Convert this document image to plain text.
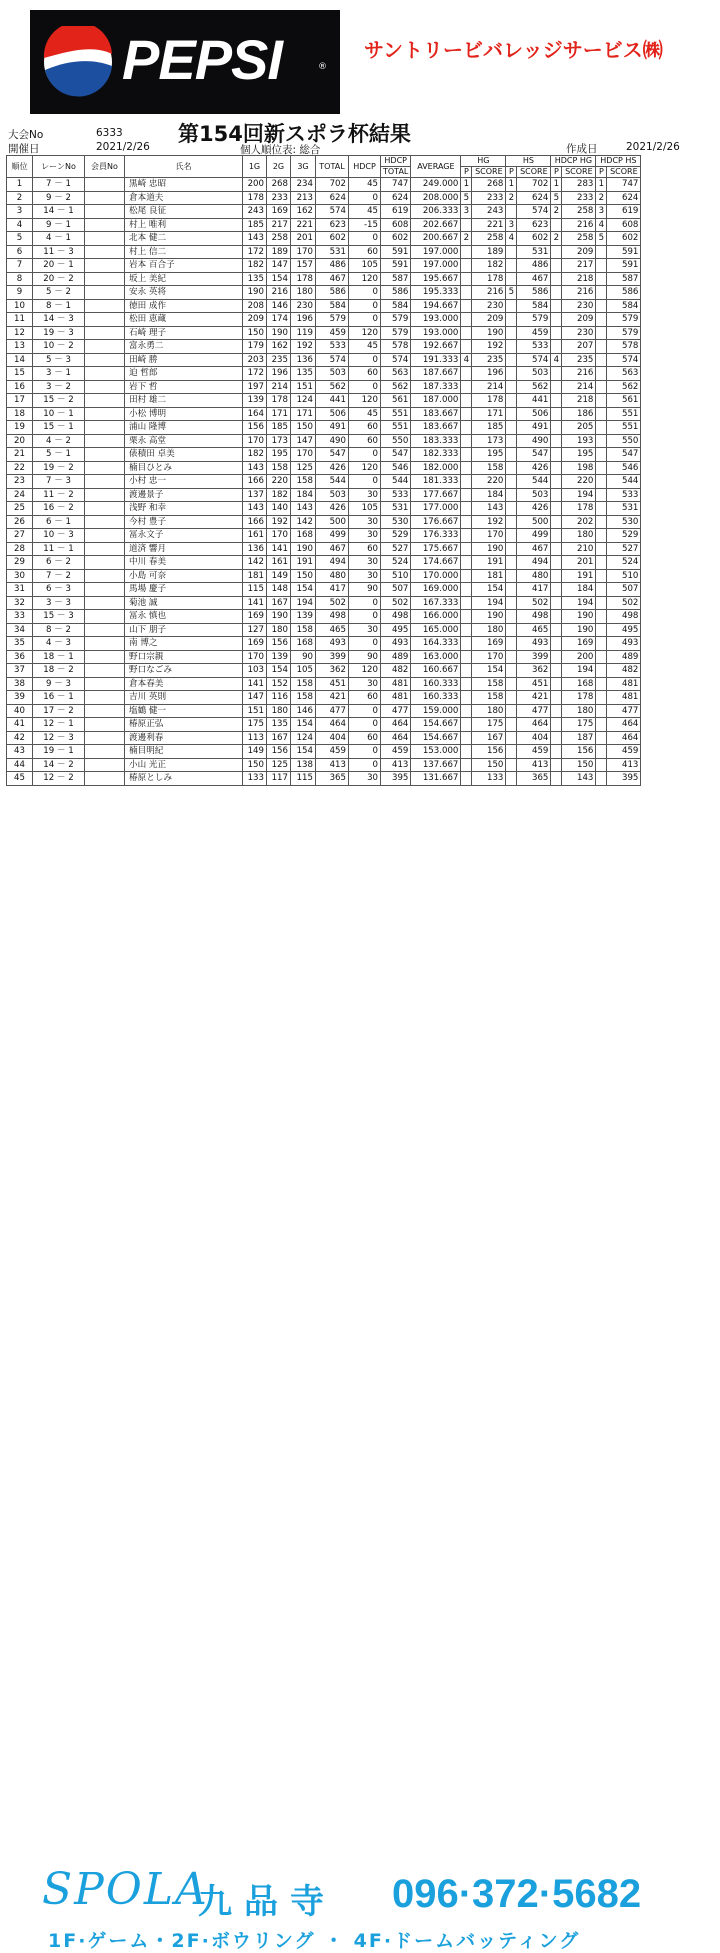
PEPSI	®
サントリービバレッジサービス㈱
大会No	6333
開催日	2021/2/26
第154回新スポラ杯結果
個人順位表: 総合	作成日	2021/2/26
順位	レーンNo	会員No	氏名	1G	2G	3G	TOTAL	HDCP	HDCP	AVERAGE	HG		HS		HDCP HG		HDCP HS	
									TOTAL		P	SCORE	P	SCORE	P	SCORE	P	SCORE
1	7 － 1		黒崎 忠昭	200	268	234	702	45	747	249.000	1	268	1	702	1	283	1	747
2	9 － 2		倉本道夫	178	233	213	624	0	624	208.000	5	233	2	624	5	233	2	624
3	14 － 1		松尾 良征	243	169	162	574	45	619	206.333	3	243		574	2	258	3	619
4	9 － 1		村上 唯利	185	217	221	623	-15	608	202.667		221	3	623		216	4	608
5	4 － 1		北本 健二	143	258	201	602	0	602	200.667	2	258	4	602	2	258	5	602
6	11 － 3		村上 信二	172	189	170	531	60	591	197.000		189		531		209		591
7	20 － 1		岩本 百合子	182	147	157	486	105	591	197.000		182		486		217		591
8	20 － 2		坂上 美紀	135	154	178	467	120	587	195.667		178		467		218		587
9	5 － 2		安永 英将	190	216	180	586	0	586	195.333		216	5	586		216		586
10	8 － 1		徳田 成作	208	146	230	584	0	584	194.667		230		584		230		584
11	14 － 3		松田 恵蔵	209	174	196	579	0	579	193.000		209		579		209		579
12	19 － 3		石崎 理子	150	190	119	459	120	579	193.000		190		459		230		579
13	10 － 2		富永勇二	179	162	192	533	45	578	192.667		192		533		207		578
14	5 － 3		田崎 勝	203	235	136	574	0	574	191.333	4	235		574	4	235		574
15	3 － 1		迫 哲郎	172	196	135	503	60	563	187.667		196		503		216		563
16	3 － 2		岩下 哲	197	214	151	562	0	562	187.333		214		562		214		562
17	15 － 2		田村 雄二	139	178	124	441	120	561	187.000		178		441		218		561
18	10 － 1		小松 博明	164	171	171	506	45	551	183.667		171		506		186		551
19	15 － 1		浦山 隆博	156	185	150	491	60	551	183.667		185		491		205		551
20	4 － 2		栗永 高堂	170	173	147	490	60	550	183.333		173		490		193		550
21	5 － 1		俵積田 卓美	182	195	170	547	0	547	182.333		195		547		195		547
22	19 － 2		楠目ひとみ	143	158	125	426	120	546	182.000		158		426		198		546
23	7 － 3		小村 忠一	166	220	158	544	0	544	181.333		220		544		220		544
24	11 － 2		渡邊景子	137	182	184	503	30	533	177.667		184		503		194		533
25	16 － 2		浅野 和幸	143	140	143	426	105	531	177.000		143		426		178		531
26	6 － 1		今村 豊子	166	192	142	500	30	530	176.667		192		500		202		530
27	10 － 3		冨永文子	161	170	168	499	30	529	176.333		170		499		180		529
28	11 － 1		道済 響月	136	141	190	467	60	527	175.667		190		467		210		527
29	6 － 2		中川 春美	142	161	191	494	30	524	174.667		191		494		201		524
30	7 － 2		小島 可奈	181	149	150	480	30	510	170.000		181		480		191		510
31	6 － 3		馬場 慶子	115	148	154	417	90	507	169.000		154		417		184		507
32	3 － 3		菊池 誠	141	167	194	502	0	502	167.333		194		502		194		502
33	15 － 3		冨永 慎也	169	190	139	498	0	498	166.000		190		498		190		498
34	8 － 2		山下 朋子	127	180	158	465	30	495	165.000		180		465		190		495
35	4 － 3		南 博之	169	156	168	493	0	493	164.333		169		493		169		493
36	18 － 1		野口宗親	170	139	90	399	90	489	163.000		170		399		200		489
37	18 － 2		野口なごみ	103	154	105	362	120	482	160.667		154		362		194		482
38	9 － 3		倉本春美	141	152	158	451	30	481	160.333		158		451		168		481
39	16 － 1		吉川 英則	147	116	158	421	60	481	160.333		158		421		178		481
40	17 － 2		塩鶴 健一	151	180	146	477	0	477	159.000		180		477		180		477
41	12 － 1		椿原正弘	175	135	154	464	0	464	154.667		175		464		175		464
42	12 － 3		渡邊利春	113	167	124	404	60	464	154.667		167		404		187		464
43	19 － 1		楠目明紀	149	156	154	459	0	459	153.000		156		459		156		459
44	14 － 2		小山 光正	150	125	138	413	0	413	137.667		150		413		150		413
45	12 － 2		椿原としみ	133	117	115	365	30	395	131.667		133		365		143		395
SPOLA
九品寺 096·372·5682
1F·ゲーム・2F·ボウリング ・ 4F·ドームバッティング
